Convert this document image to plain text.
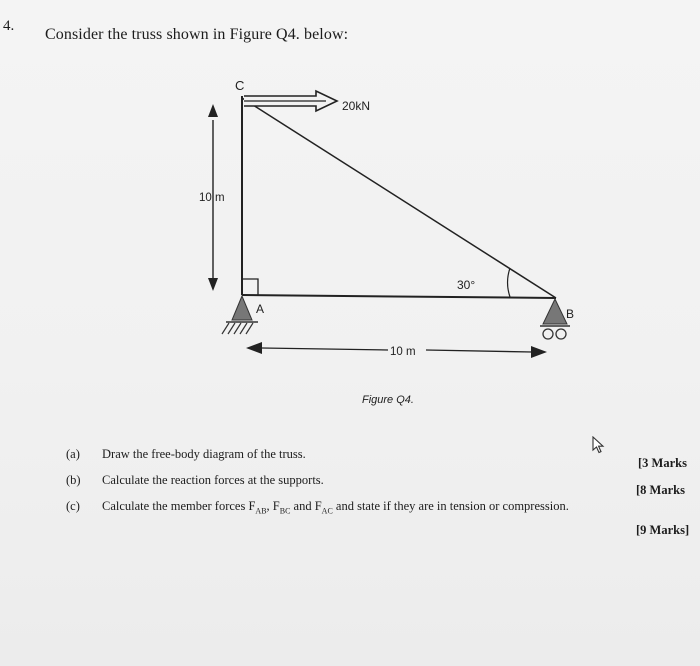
4. Consider the truss shown in Figure Q4. below:
C
20kN
10 m
30°
A	B
10 m
Figure Q4.
(a) Draw the free-body diagram of the truss.
[3 Marks
(b) Calculate the reaction forces at the supports.
[8 Marks
(c) Calculate the member forces $F_{AB}$, $F_{BC}$ and $F_{AC}$ and state if they are in tension or compression.
[9 Marks]
